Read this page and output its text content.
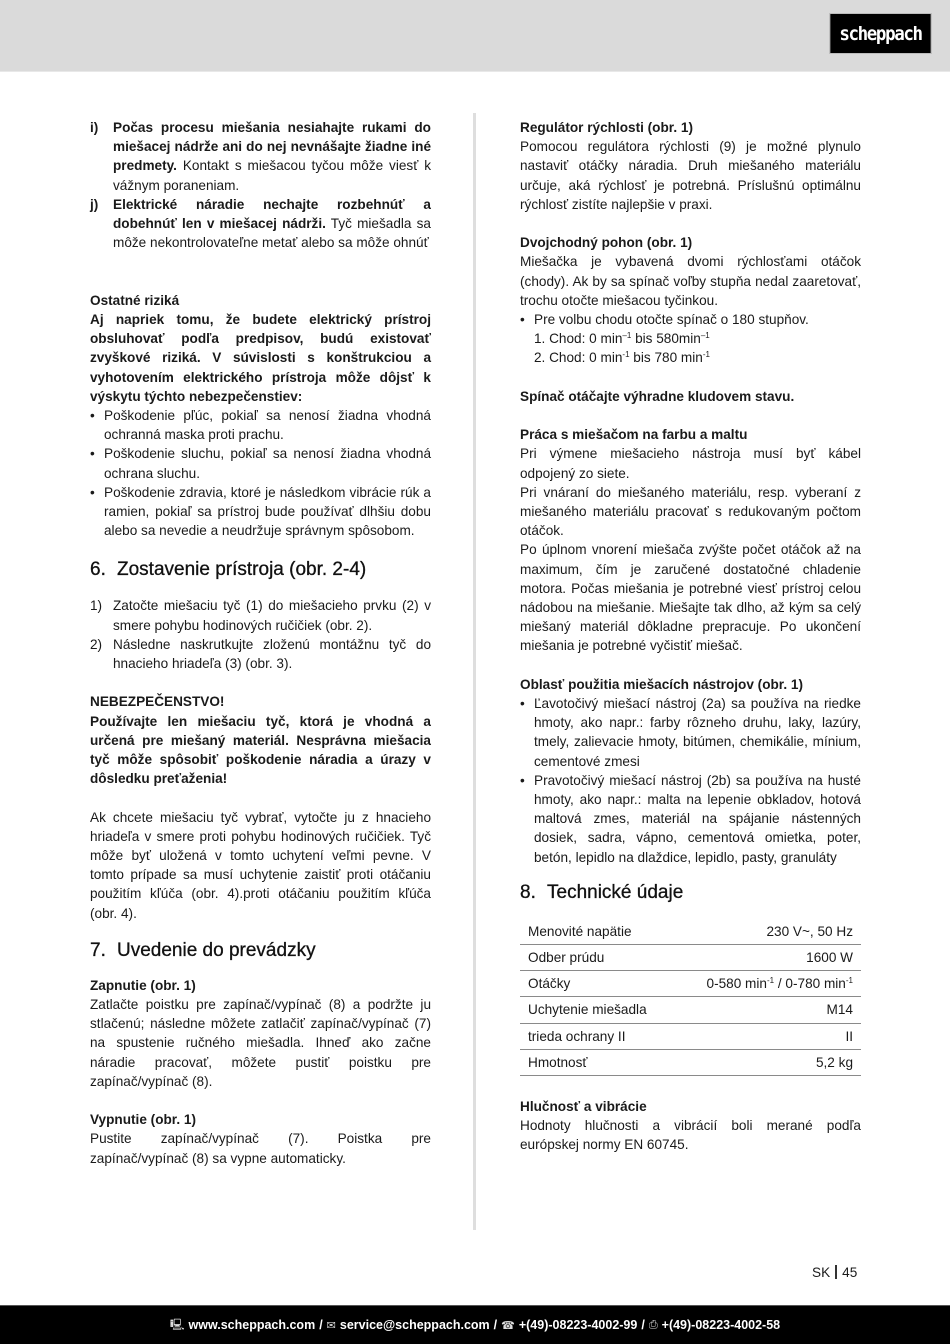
scheppach
i)	Počas procesu miešania nesiahajte rukami do miešacej nádrže ani do nej nevnášajte žiadne iné predmety. Kontakt s miešacou tyčou môže viesť k vážnym poraneniam.
j)	Elektrické náradie nechajte rozbehnúť a dobehnúť len v miešacej nádrži. Tyč miešadla sa môže nekontrolovateľne metať alebo sa môže ohnúť

Ostatné riziká

Aj napriek tomu, že budete elektrický prístroj obsluhovať podľa predpisov, budú existovať zvyškové riziká. V súvislosti s konštrukciou a vyhotovením elektrického prístroja môže dôjsť k výskytu týchto nebezpečenstiev:

• Poškodenie pľúc, pokiaľ sa nenosí žiadna vhodná ochranná maska proti prachu.
• Poškodenie sluchu, pokiaľ sa nenosí žiadna vhodná ochrana sluchu.
• Poškodenie zdravia, ktoré je následkom vibrácie rúk a ramien, pokiaľ sa prístroj bude používať dlhšiu dobu alebo sa nevedie a neudržuje správnym spôsobom.
6. Zostavenie prístroja (obr. 2-4)
1) Zatočte miešaciu tyč (1) do miešacieho prvku (2) v smere pohybu hodinových ručičiek (obr. 2).
2) Následne naskrutkujte zloženú montážnu tyč do hnacieho hriadeľa (3) (obr. 3).

NEBEZPEČENSTVO!

Používajte len miešaciu tyč, ktorá je vhodná a určená pre miešaný materiál. Nesprávna miešacia tyč môže spôsobiť poškodenie náradia a úrazy v dôsledku preťaženia!

Ak chcete miešaciu tyč vybrať, vytočte ju z hnacieho hriadeľa v smere proti pohybu hodinových ručičiek. Tyč môže byť uložená v tomto uchytení veľmi pevne. V tomto prípade sa musí uchytenie zaistiť proti otáčaniu použitím kľúča (obr. 4).proti otáčaniu použitím kľúča (obr. 4).

7. Uvedenie do prevádzky

Zapnutie (obr. 1)

Zatlačte poistku pre zapínač/vypínač (8) a podržte ju stlačenú; následne môžete zatlačiť zapínač/vypínač (7) na spustenie ručného miešadla. Ihneď ako začne náradie pracovať, môžete pustiť poistku pre zapínač/vypínač (8).

Vypnutie (obr. 1)

Pustite zapínač/vypínač (7). Poistka pre zapínač/vypínač (8) sa vypne automaticky.

Regulátor rýchlosti (obr. 1)

Pomocou regulátora rýchlosti (9) je možné plynulo nastaviť otáčky náradia. Druh miešaného materiálu určuje, aká rýchlosť je potrebná. Príslušnú optimálnu rýchlosť zistíte najlepšie v praxi.

Dvojchodný pohon (obr. 1)

Miešačka je vybavená dvomi rýchlosťami otáčok (chody). Ak by sa spínač voľby stupňa nedal zaaretovať, trochu otočte miešacou tyčinkou.

• Pre volbu chodu otočte spínač o 180 stupňov.
1. Chod: 0 $\min^{-1}$ bis $580\min^{-1}$
2. Chod: 0 $\min^{-1}$ bis 780 $\min^{-1}$

Spínač otáčajte výhradne kludovem stavu.

Práca s miešačom na farbu a maltu

Pri výmene miešacieho nástroja musí byť kábel odpojený zo siete.

Pri vnáraní do miešaného materiálu, resp. vyberaní z miešaného materiálu pracovať s redukovaným počtom otáčok.

Po úplnom vnorení miešača zvýšte počet otáčok až na maximum, čím je zaručené dostatočné chladenie motora. Počas miešania je potrebné viesť prístroj celou nádobou na miešanie. Miešajte tak dlho, až kým sa celý miešaný materiál dôkladne prepracuje. Po ukončení miešania je potrebné vyčistiť miešač.

Oblasť použitia miešacích nástrojov (obr. 1)

• Ľavotočivý miešací nástroj (2a) sa používa na riedke hmoty, ako napr.: farby rôzneho druhu, laky, lazúry, tmely, zalievacie hmoty, bitúmen, chemikálie, mínium, cementové zmesi
• Pravotočivý miešací nástroj (2b) sa používa na husté hmoty, ako napr.: malta na lepenie obkladov, hotová maltová zmes, materiál na spájanie nástenných dosiek, sadra, vápno, cementová omietka, poter, betón, lepidlo na dlaždice, lepidlo, pasty, granuláty
8. Technické údaje
Menovité napätie	230 V~, 50 Hz
Odber prúdu	1600 W
Otáčky	0-580 $\min^{-1} / 0-780$ $\min^{-1}$
Uchytenie miešadla	M14
trieda ochrany II	II
Hmotnosť	5,2 kg

Hlučnosť a vibrácie

Hodnoty hlučnosti a vibrácií boli merané podľa európskej normy EN 60745.

SK 45
🖳︎ www.scheppach.com / ✉︎ service@scheppach.com / ☎︎ +(49)-08223-4002-99 / ⎙ +(49)-08223-4002-58
